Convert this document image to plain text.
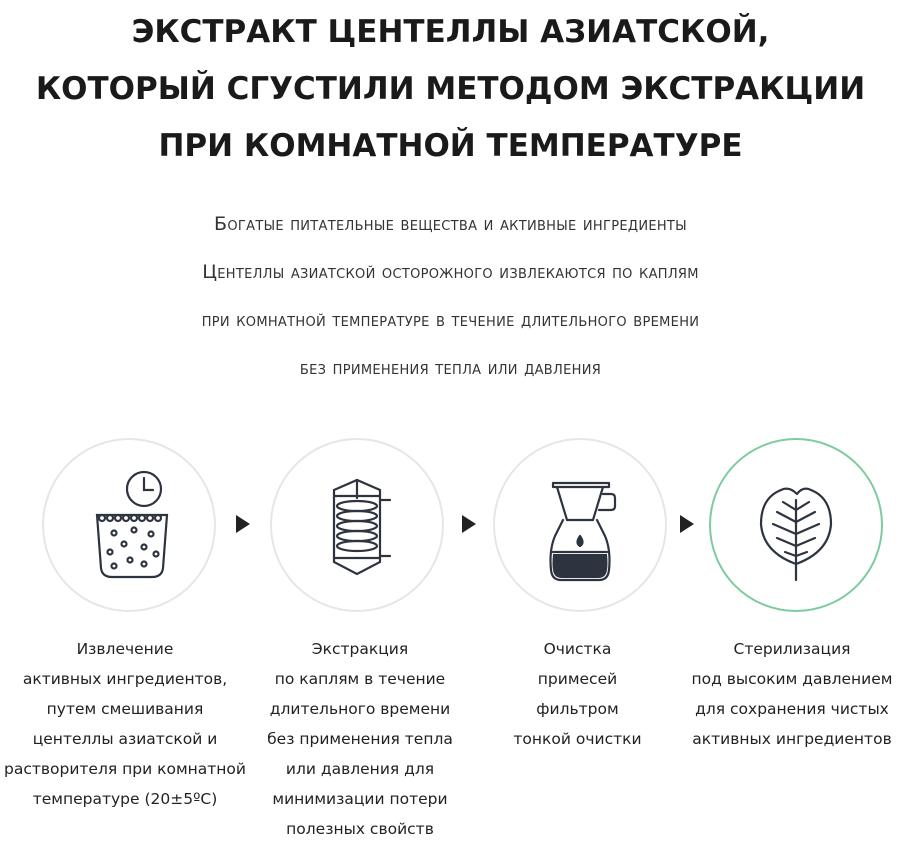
ЭКСТРАКТ ЦЕНТЕЛЛЫ АЗИАТСКОЙ,
КОТОРЫЙ СГУСТИЛИ МЕТОДОМ ЭКСТРАКЦИИ
ПРИ КОМНАТНОЙ ТЕМПЕРАТУРЕ
Богатые питательные вещества и активные ингредиенты
Центеллы азиатской осторожного извлекаются по каплям
при комнатной температуре в течение длительного времени
без применения тепла или давления
Извлечение
активных ингредиентов,
путем смешивания
центеллы азиатской и
растворителя при комнатной
температуре (20±5ºC)
Экстракция
по каплям в течение
длительного времени
без применения тепла
или давления для
минимизации потери
полезных свойств
Очистка
примесей
фильтром
тонкой очистки
Стерилизация
под высоким давлением
для сохранения чистых
активных ингредиентов
